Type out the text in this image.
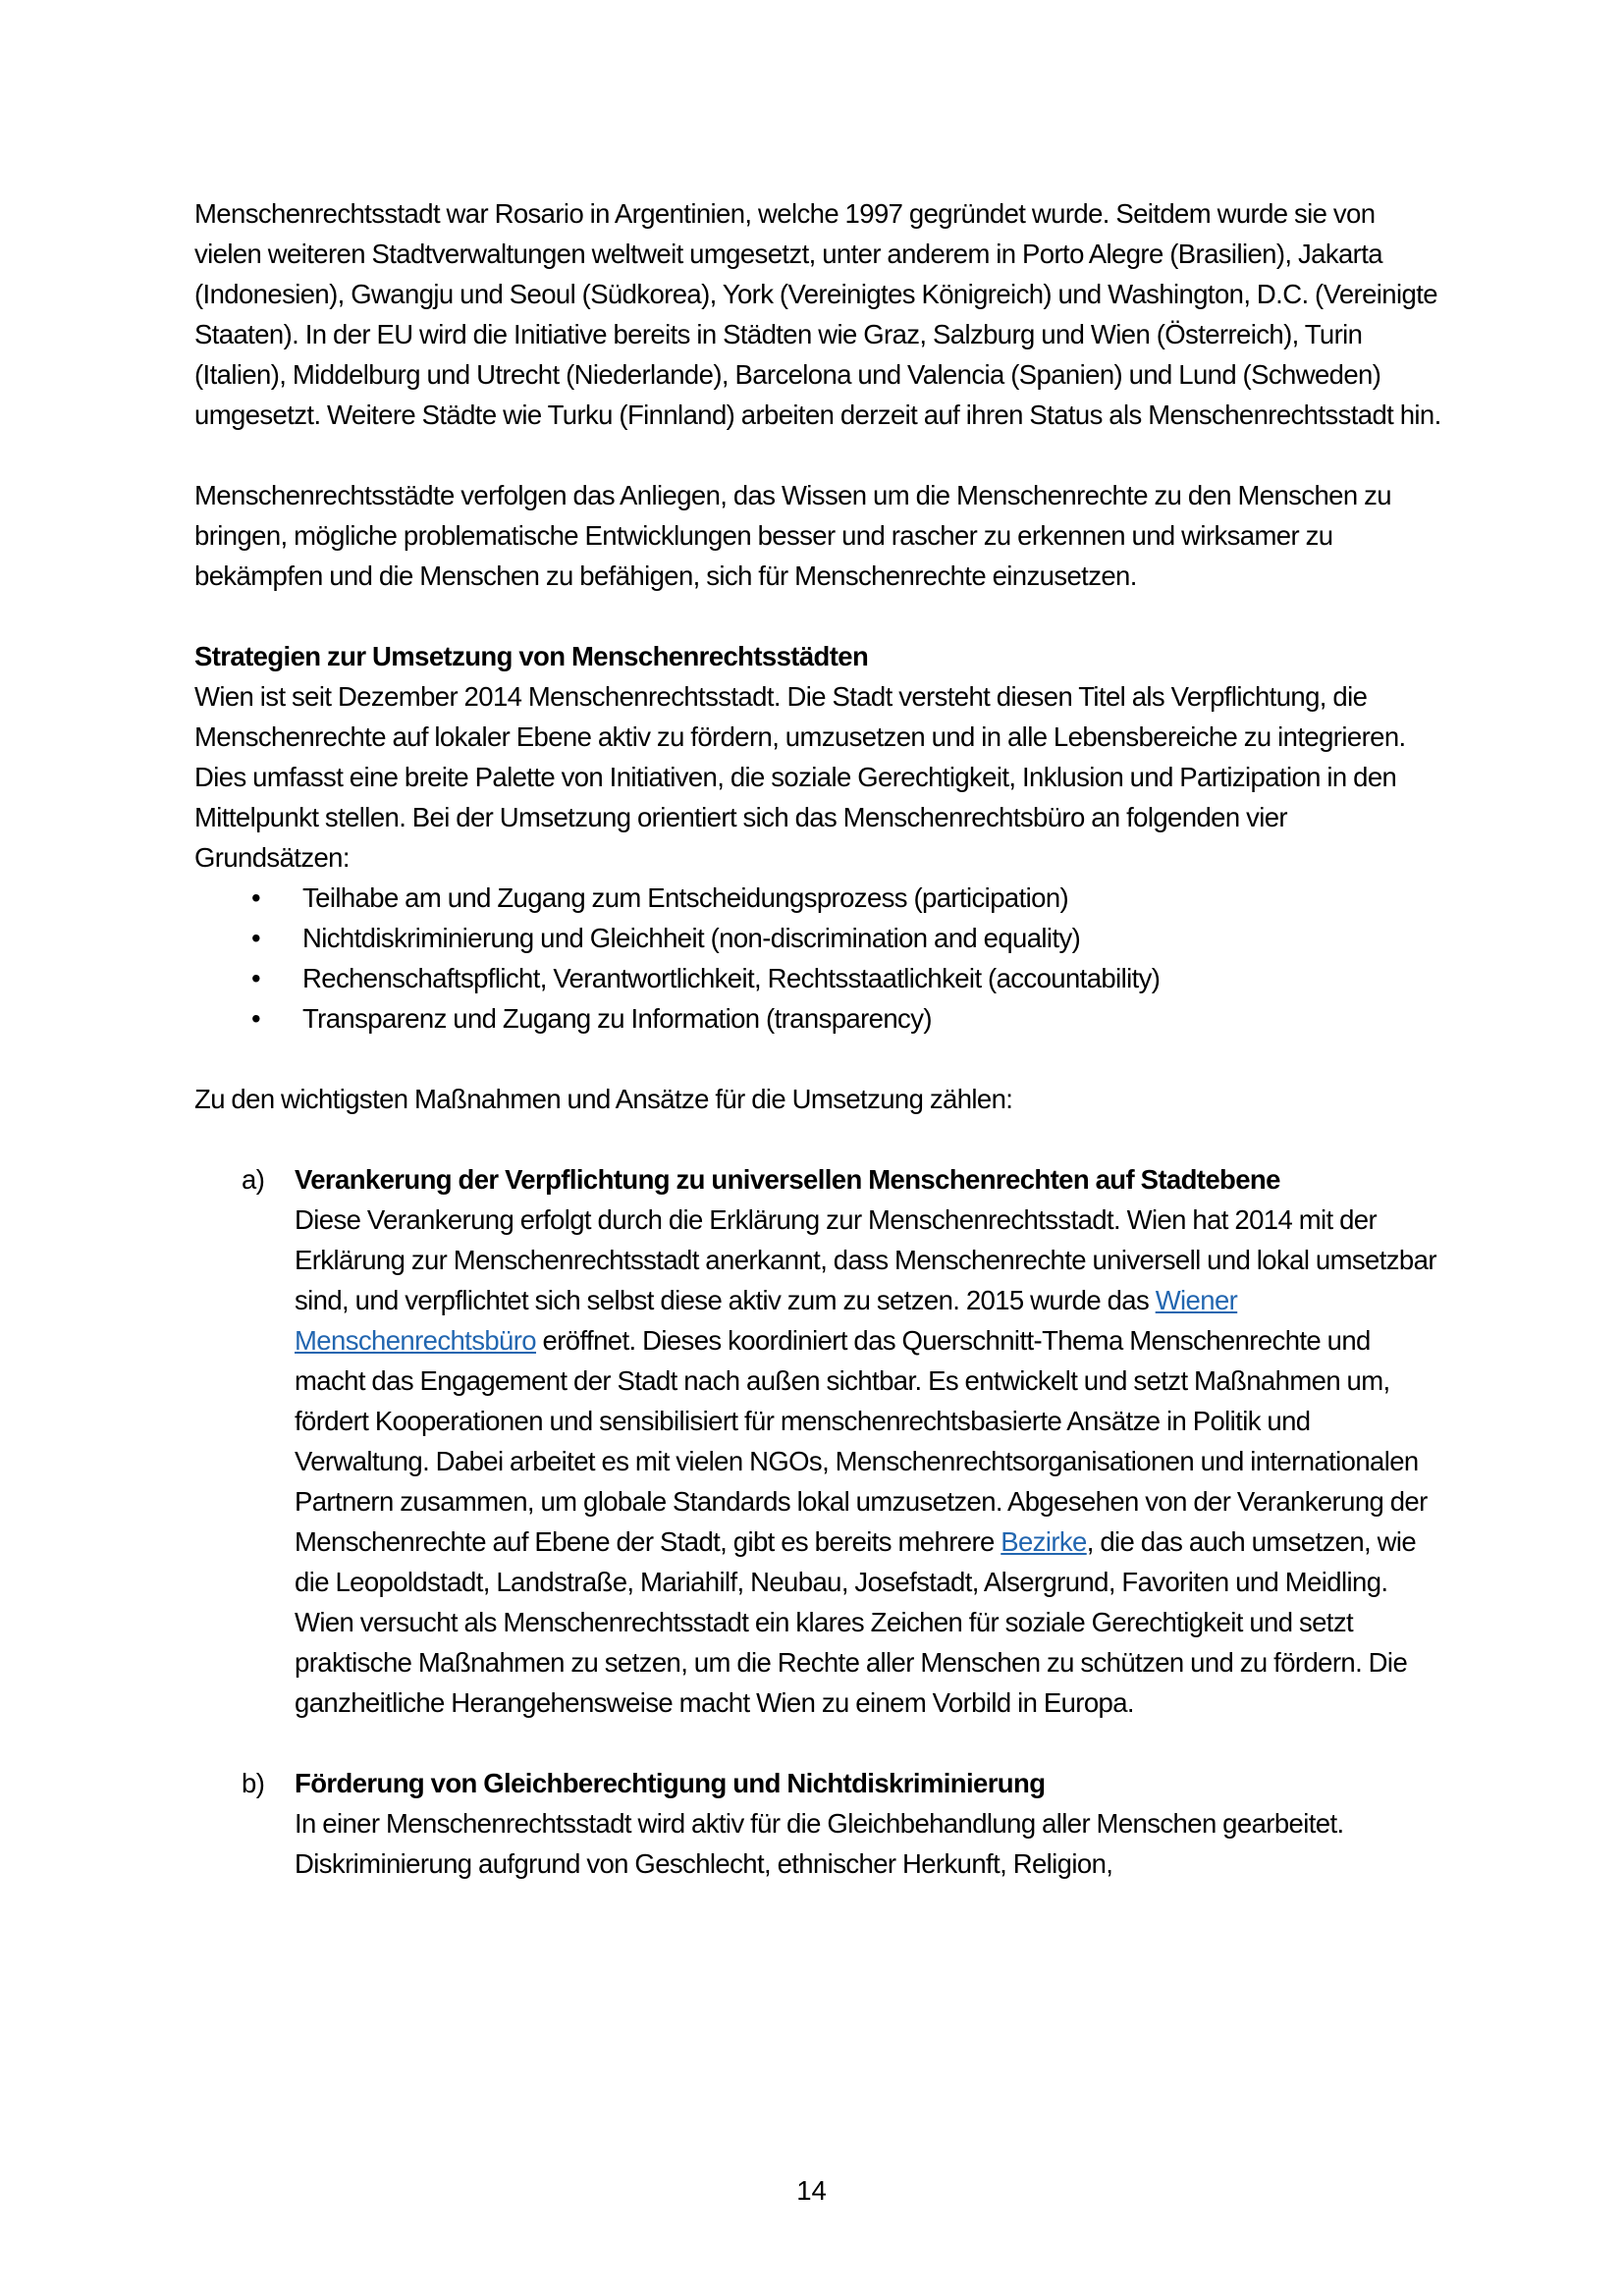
Menschenrechtsstadt war Rosario in Argentinien, welche 1997 gegründet wurde. Seitdem wurde sie von vielen weiteren Stadtverwaltungen weltweit umgesetzt, unter anderem in Porto Alegre (Brasilien), Jakarta (Indonesien), Gwangju und Seoul (Südkorea), York (Vereinigtes Königreich) und Washington, D.C. (Vereinigte Staaten). In der EU wird die Initiative bereits in Städten wie Graz, Salzburg und Wien (Österreich), Turin (Italien), Middelburg und Utrecht (Niederlande), Barcelona und Valencia (Spanien) und Lund (Schweden) umgesetzt. Weitere Städte wie Turku (Finnland) arbeiten derzeit auf ihren Status als Menschenrechtsstadt hin.

Menschenrechtsstädte verfolgen das Anliegen, das Wissen um die Menschenrechte zu den Menschen zu bringen, mögliche problematische Entwicklungen besser und rascher zu erkennen und wirksamer zu bekämpfen und die Menschen zu befähigen, sich für Menschenrechte einzusetzen.

Strategien zur Umsetzung von Menschenrechtsstädten

Wien ist seit Dezember 2014 Menschenrechtsstadt. Die Stadt versteht diesen Titel als Verpflichtung, die Menschenrechte auf lokaler Ebene aktiv zu fördern, umzusetzen und in alle Lebensbereiche zu integrieren. Dies umfasst eine breite Palette von Initiativen, die soziale Gerechtigkeit, Inklusion und Partizipation in den Mittelpunkt stellen. Bei der Umsetzung orientiert sich das Menschenrechtsbüro an folgenden vier Grundsätzen:

• Teilhabe am und Zugang zum Entscheidungsprozess (participation)
• Nichtdiskriminierung und Gleichheit (non-discrimination and equality)
• Rechenschaftspflicht, Verantwortlichkeit, Rechtsstaatlichkeit (accountability)
• Transparenz und Zugang zu Information (transparency)

Zu den wichtigsten Maßnahmen und Ansätze für die Umsetzung zählen:

a) Verankerung der Verpflichtung zu universellen Menschenrechten auf Stadtebene
Diese Verankerung erfolgt durch die Erklärung zur Menschenrechtsstadt. Wien hat 2014 mit der Erklärung zur Menschenrechtsstadt anerkannt, dass Menschenrechte universell und lokal umsetzbar sind, und verpflichtet sich selbst diese aktiv zum zu setzen. 2015 wurde das Wiener Menschenrechtsbüro eröffnet. Dieses koordiniert das Querschnitt-Thema Menschenrechte und macht das Engagement der Stadt nach außen sichtbar. Es entwickelt und setzt Maßnahmen um, fördert Kooperationen und sensibilisiert für menschenrechtsbasierte Ansätze in Politik und Verwaltung. Dabei arbeitet es mit vielen NGOs, Menschenrechtsorganisationen und internationalen Partnern zusammen, um globale Standards lokal umzusetzen. Abgesehen von der Verankerung der Menschenrechte auf Ebene der Stadt, gibt es bereits mehrere Bezirke, die das auch umsetzen, wie die Leopoldstadt, Landstraße, Mariahilf, Neubau, Josefstadt, Alsergrund, Favoriten und Meidling. Wien versucht als Menschenrechtsstadt ein klares Zeichen für soziale Gerechtigkeit und setzt praktische Maßnahmen zu setzen, um die Rechte aller Menschen zu schützen und zu fördern. Die ganzheitliche Herangehensweise macht Wien zu einem Vorbild in Europa.
b) Förderung von Gleichberechtigung und Nichtdiskriminierung
In einer Menschenrechtsstadt wird aktiv für die Gleichbehandlung aller Menschen gearbeitet. Diskriminierung aufgrund von Geschlecht, ethnischer Herkunft, Religion,
14
